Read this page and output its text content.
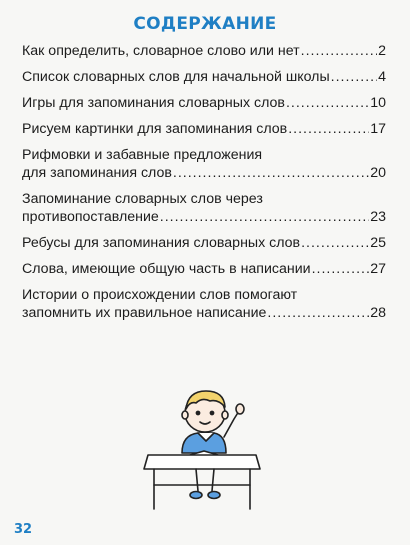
СОДЕРЖАНИЕ
Как определить, словарное слово или нет .....	2
Список словарных слов для начальной школы .....	4
Игры для запоминания словарных слов .....	10
Рисуем картинки для запоминания слов .....	17
Рифмовки и забавные предложения
для запоминания слов .....	20
Запоминание словарных слов через
противопоставление .....	23
Ребусы для запоминания словарных слов .....	25
Слова, имеющие общую часть в написании .....	27
Истории о происхождении слов помогают
запомнить их правильное написание .....	28
32
